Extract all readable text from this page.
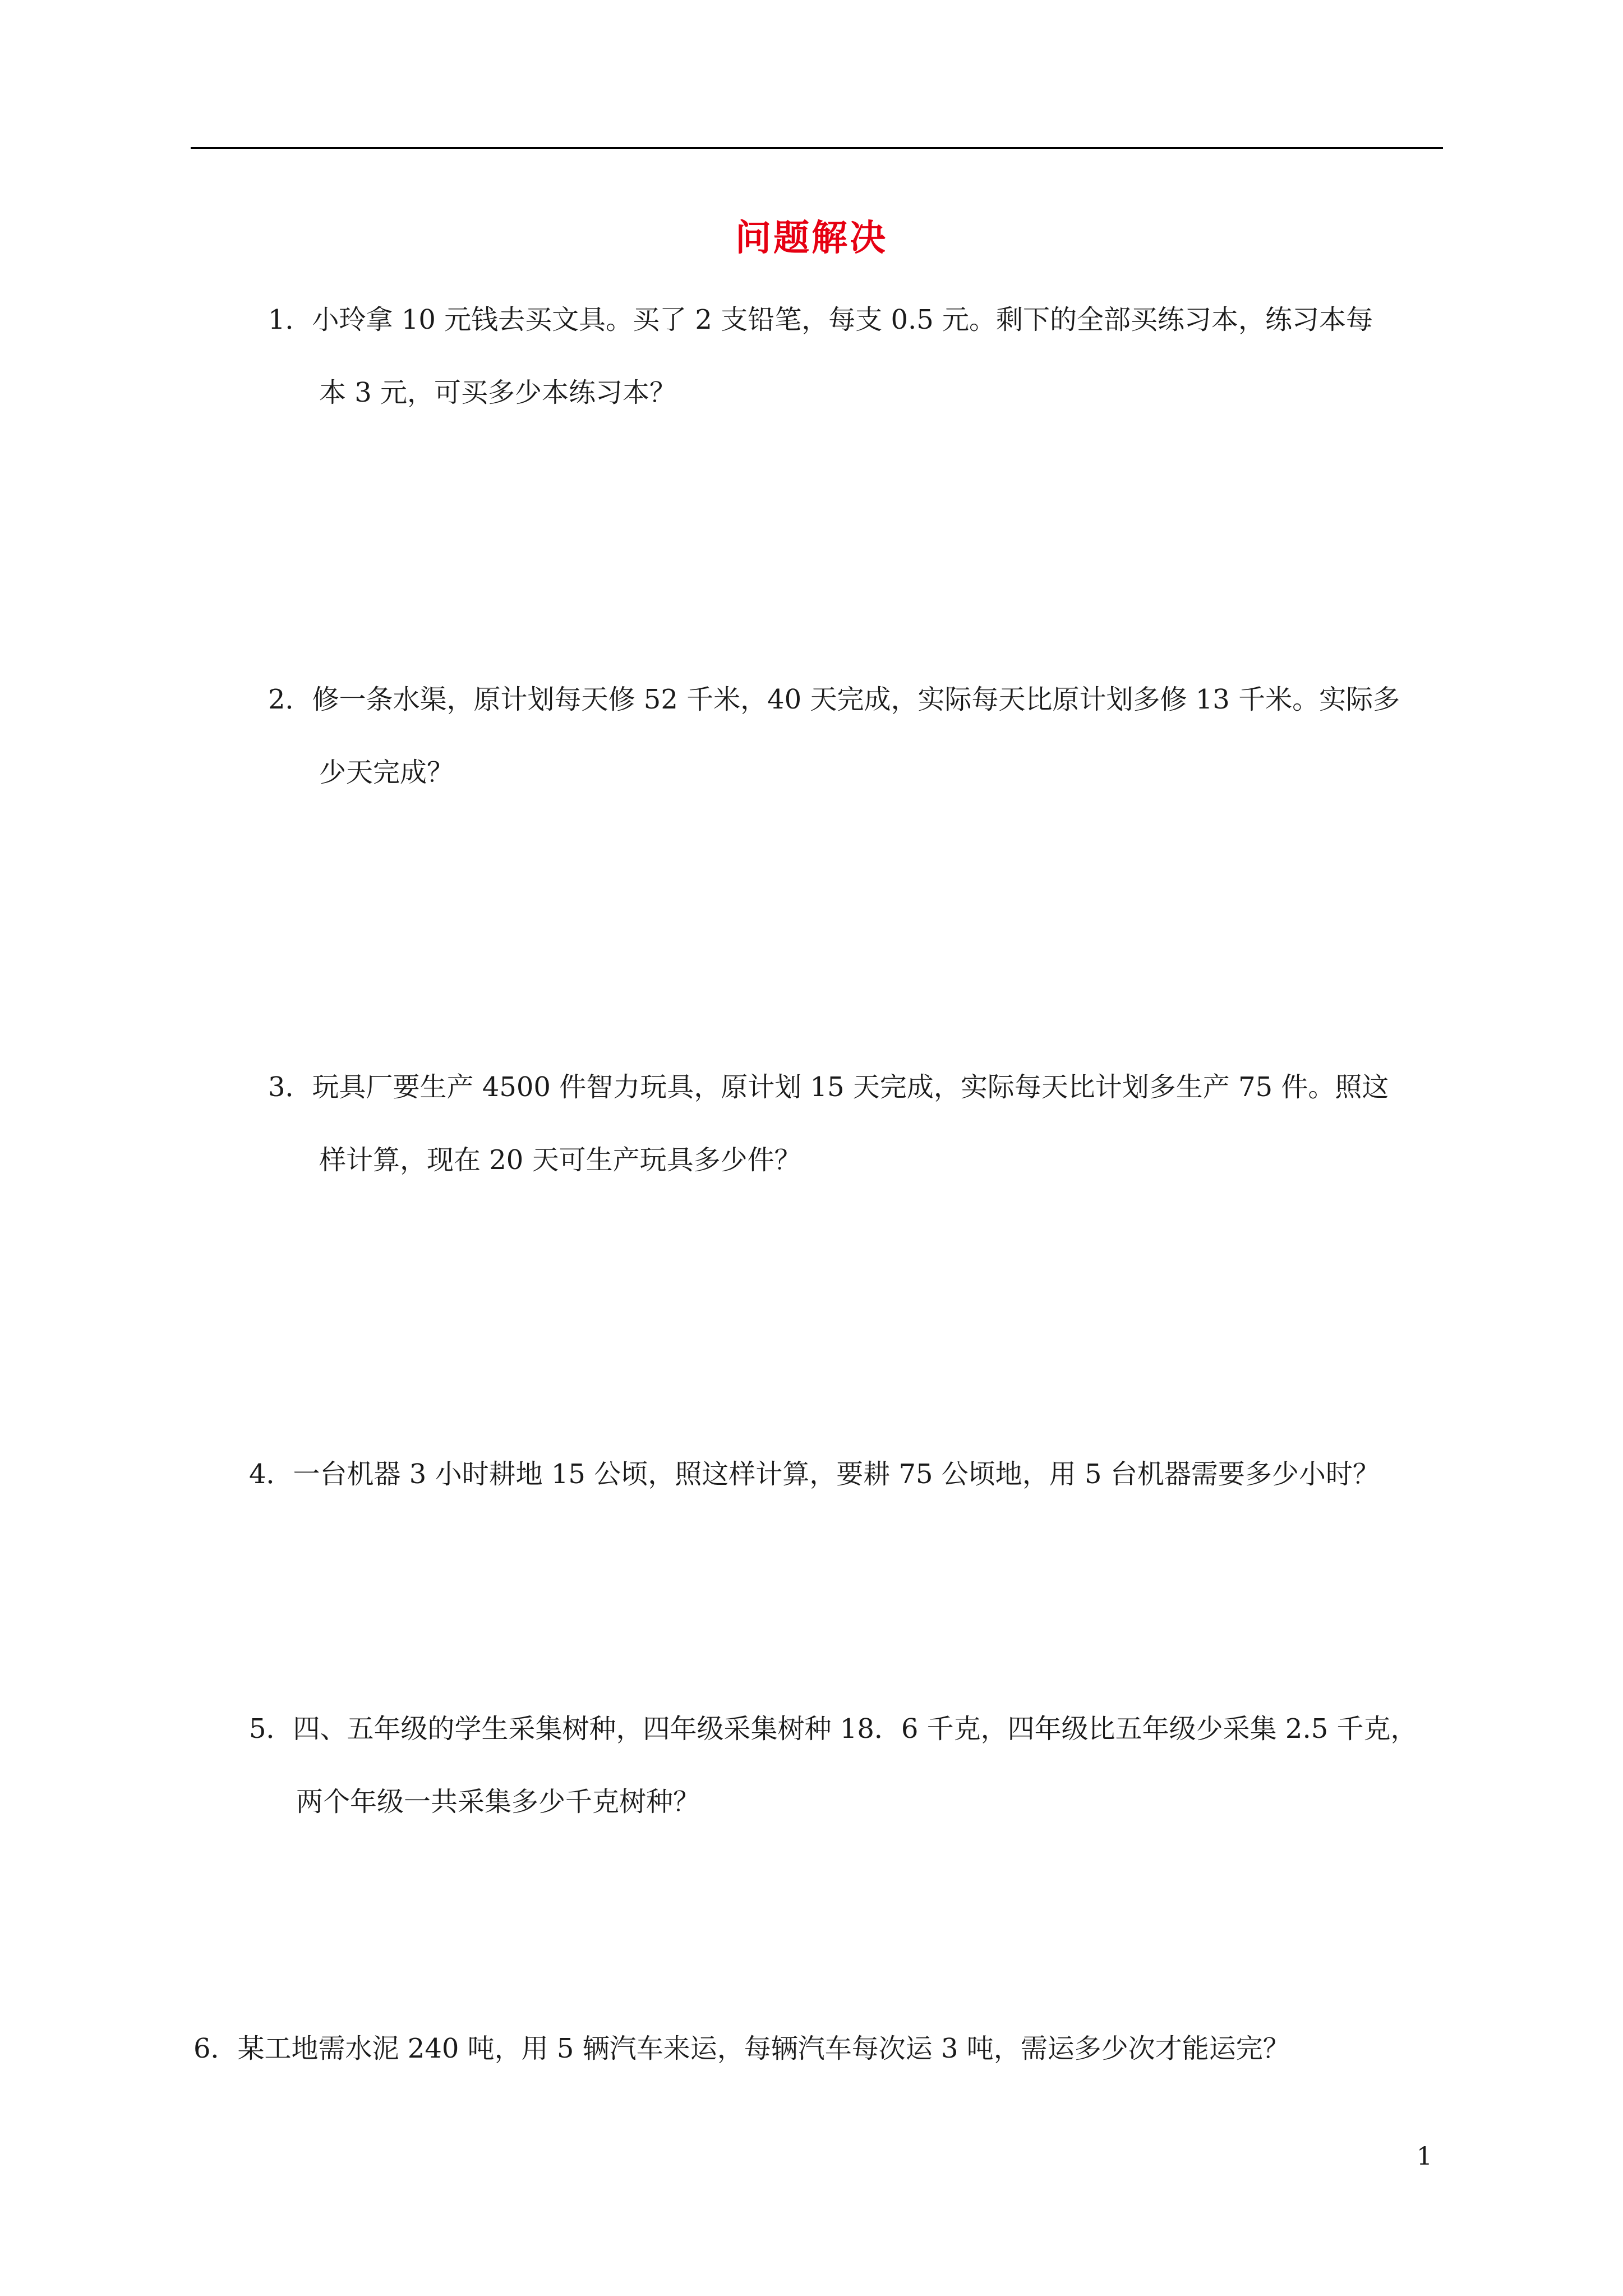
问题解决
1．小玲拿 10 元钱去买文具。买了 2 支铅笔，每支 0.5 元。剩下的全部买练习本，练习本每
本 3 元，可买多少本练习本？
2．修一条水渠，原计划每天修 52 千米，40 天完成，实际每天比原计划多修 13 千米。实际多
少天完成？
3．玩具厂要生产 4500 件智力玩具，原计划 15 天完成，实际每天比计划多生产 75 件。照这
样计算，现在 20 天可生产玩具多少件？
4．一台机器 3 小时耕地 15 公顷，照这样计算，要耕 75 公顷地，用 5 台机器需要多少小时？
5．四、五年级的学生采集树种，四年级采集树种 18．6 千克，四年级比五年级少采集 2.5 千克，
两个年级一共采集多少千克树种？
6．某工地需水泥 240 吨，用 5 辆汽车来运，每辆汽车每次运 3 吨，需运多少次才能运完？
1
